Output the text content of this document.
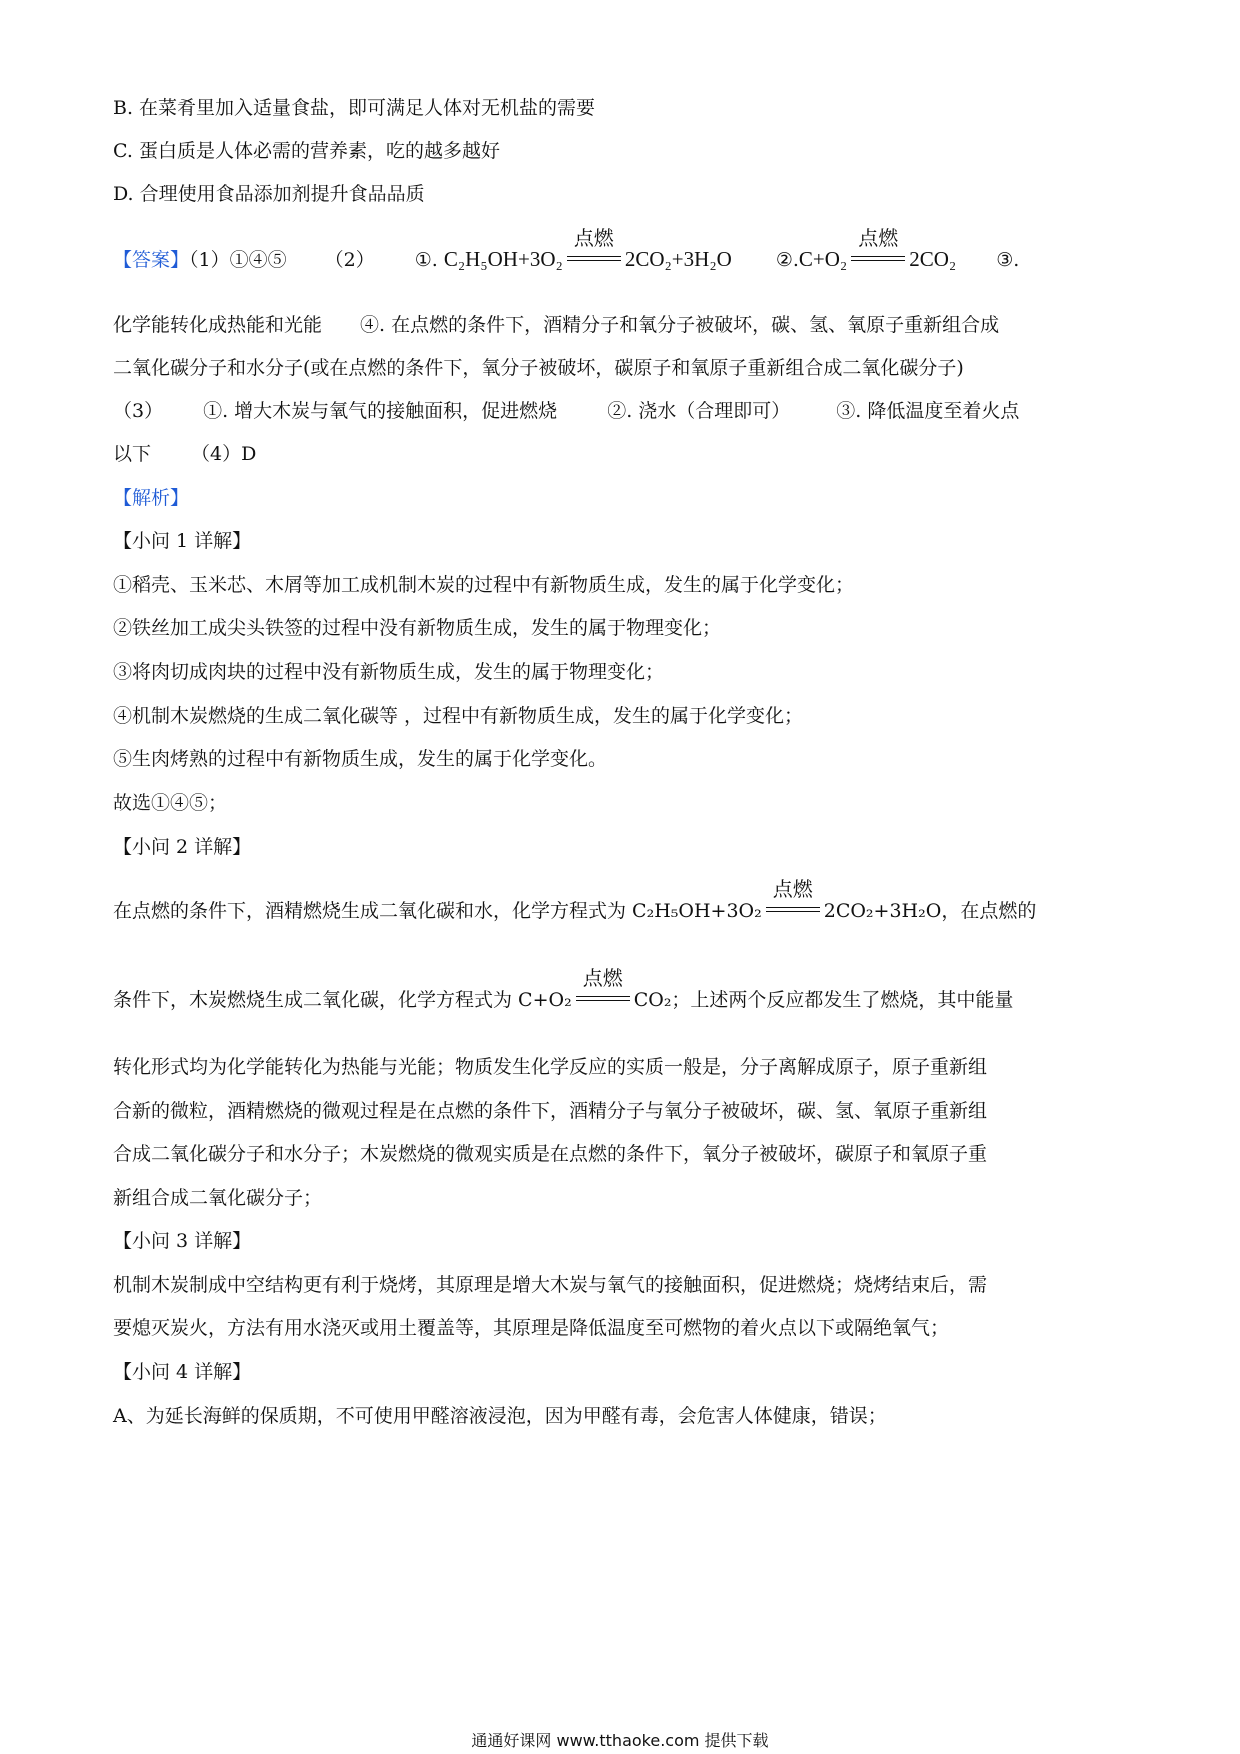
B. 在菜肴里加入适量食盐，即可满足人体对无机盐的需要
C. 蛋白质是人体必需的营养素，吃的越多越好
D. 合理使用食品添加剂提升食品品质
【答案】（1）①④⑤ （2） ①. C₂H₅OH+3O₂
点燃
2CO₂+3H₂O ②.C+O₂
点燃
2CO₂ ③.
化学能转化成热能和光能 ④. 在点燃的条件下，酒精分子和氧分子被破坏，碳、氢、氧原子重新组合成
二氧化碳分子和水分子(或在点燃的条件下，氧分子被破坏，碳原子和氧原子重新组合成二氧化碳分子)
（3） ①. 增大木炭与氧气的接触面积，促进燃烧	②. 浇水（合理即可） ③. 降低温度至着火点
以下 （4）D
【解析】
【小问 1 详解】
①稻壳、玉米芯、木屑等加工成机制木炭的过程中有新物质生成，发生的属于化学变化；
②铁丝加工成尖头铁签的过程中没有新物质生成，发生的属于物理变化；
③将肉切成肉块的过程中没有新物质生成，发生的属于物理变化；
④机制木炭燃烧的生成二氧化碳等 ，过程中有新物质生成，发生的属于化学变化；
⑤生肉烤熟的过程中有新物质生成，发生的属于化学变化。
故选①④⑤；
【小问 2 详解】
在点燃的条件下，酒精燃烧生成二氧化碳和水，化学方程式为 C₂H₅OH+3O₂
点燃
2CO₂+3H₂O，在点燃的
条件下，木炭燃烧生成二氧化碳，化学方程式为 C+O₂
点燃
CO₂；上述两个反应都发生了燃烧，其中能量
转化形式均为化学能转化为热能与光能；物质发生化学反应的实质一般是，分子离解成原子，原子重新组
合新的微粒，酒精燃烧的微观过程是在点燃的条件下，酒精分子与氧分子被破坏，碳、氢、氧原子重新组
合成二氧化碳分子和水分子；木炭燃烧的微观实质是在点燃的条件下，氧分子被破坏，碳原子和氧原子重
新组合成二氧化碳分子；
【小问 3 详解】
机制木炭制成中空结构更有利于烧烤，其原理是增大木炭与氧气的接触面积，促进燃烧；烧烤结束后，需
要熄灭炭火，方法有用水浇灭或用土覆盖等，其原理是降低温度至可燃物的着火点以下或隔绝氧气；
【小问 4 详解】
A、为延长海鲜的保质期，不可使用甲醛溶液浸泡，因为甲醛有毒，会危害人体健康，错误；
通通好课网 www.tthaoke.com 提供下载
